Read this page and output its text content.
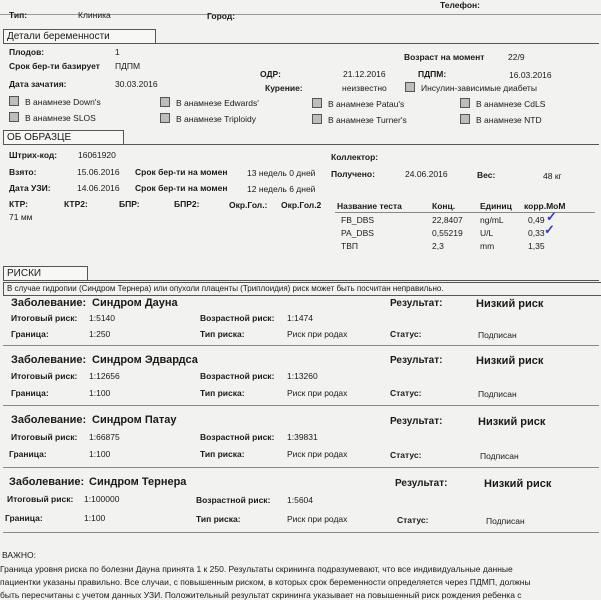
Тип:	Клиника	Город:
Телефон:
Детали беременности
Плодов:	1	Возраст на момент	22/9
Срок бер-ти базирует ПДПМ
ОДР:	21.12.2016	ПДПМ:	16.03.2016
Дата зачатия:	30.03.2016	Курение:	неизвестно	Инсулин-зависимые диабеты
В анамнезе Down's	В анамнезе Edwards'	В анамнезе Patau's	В анамнезе CdLS
В анамнезе SLOS	В анамнезе Triploidy	В анамнезе Turner's	В анамнезе NTD
ОБ ОБРАЗЦЕ
Штрих-код: 16061920	Коллектор:
Взято:	15.06.2016 Срок бер-ти на момен 13 недель 0 дней Получено:	24.06.2016	Вес:	48 кг
Дата УЗИ:	14.06.2016 Срок бер-ти на момен 12 недель 6 дней
КТР:	КТР2:	БПР:	БПР2:	Окр.Гол.: Окр.Гол.2
71 мм
Название теста	Конц.	Единиц корр.МоМ
FB_DBS	22,8407 ng/mL	0,49 ✓
PA_DBS	0,55219 U/L	0,33 ✓
ТВП	2,3	mm	1,35
РИСКИ
В случае гидропии (Синдром Тернера) или опухоли плаценты (Триплоидия) риск может быть посчитан неправильно.
Заболевание: Синдром Дауна	Результат:	Низкий риск
Итоговый риск: 1:5140	Возрастной риск: 1:1474
Граница:	1:250	Тип риска:	Риск при родах	Статус:	Подписан
Заболевание: Синдром Эдвардса	Результат:	Низкий риск
Итоговый риск: 1:12656	Возрастной риск: 1:13260
Граница:	1:100	Тип риска:	Риск при родах	Статус:	Подписан
Заболевание: Синдром Патау	Результат:	Низкий риск
Итоговый риск: 1:66875	Возрастной риск: 1:39831
Граница:	1:100	Тип риска:	Риск при родах	Статус:	Подписан
Заболевание: Синдром Тернера	Результат:	Низкий риск
Итоговый риск: 1:100000	Возрастной риск: 1:5604
Граница:	1:100	Тип риска:	Риск при родах	Статус:	Подписан
ВАЖНО:
Граница уровня риска по болезни Дауна принята 1 к 250. Результаты скрининга подразумевают, что все индивидуальные данные
пациентки указаны правильно. Все случаи, с повышенным риском, в которых срок беременности определяется через ПДМП, должны
быть пересчитаны с учетом данных УЗИ. Положительный результат скрининга указывает на повышенный риск рождения ребенка с
